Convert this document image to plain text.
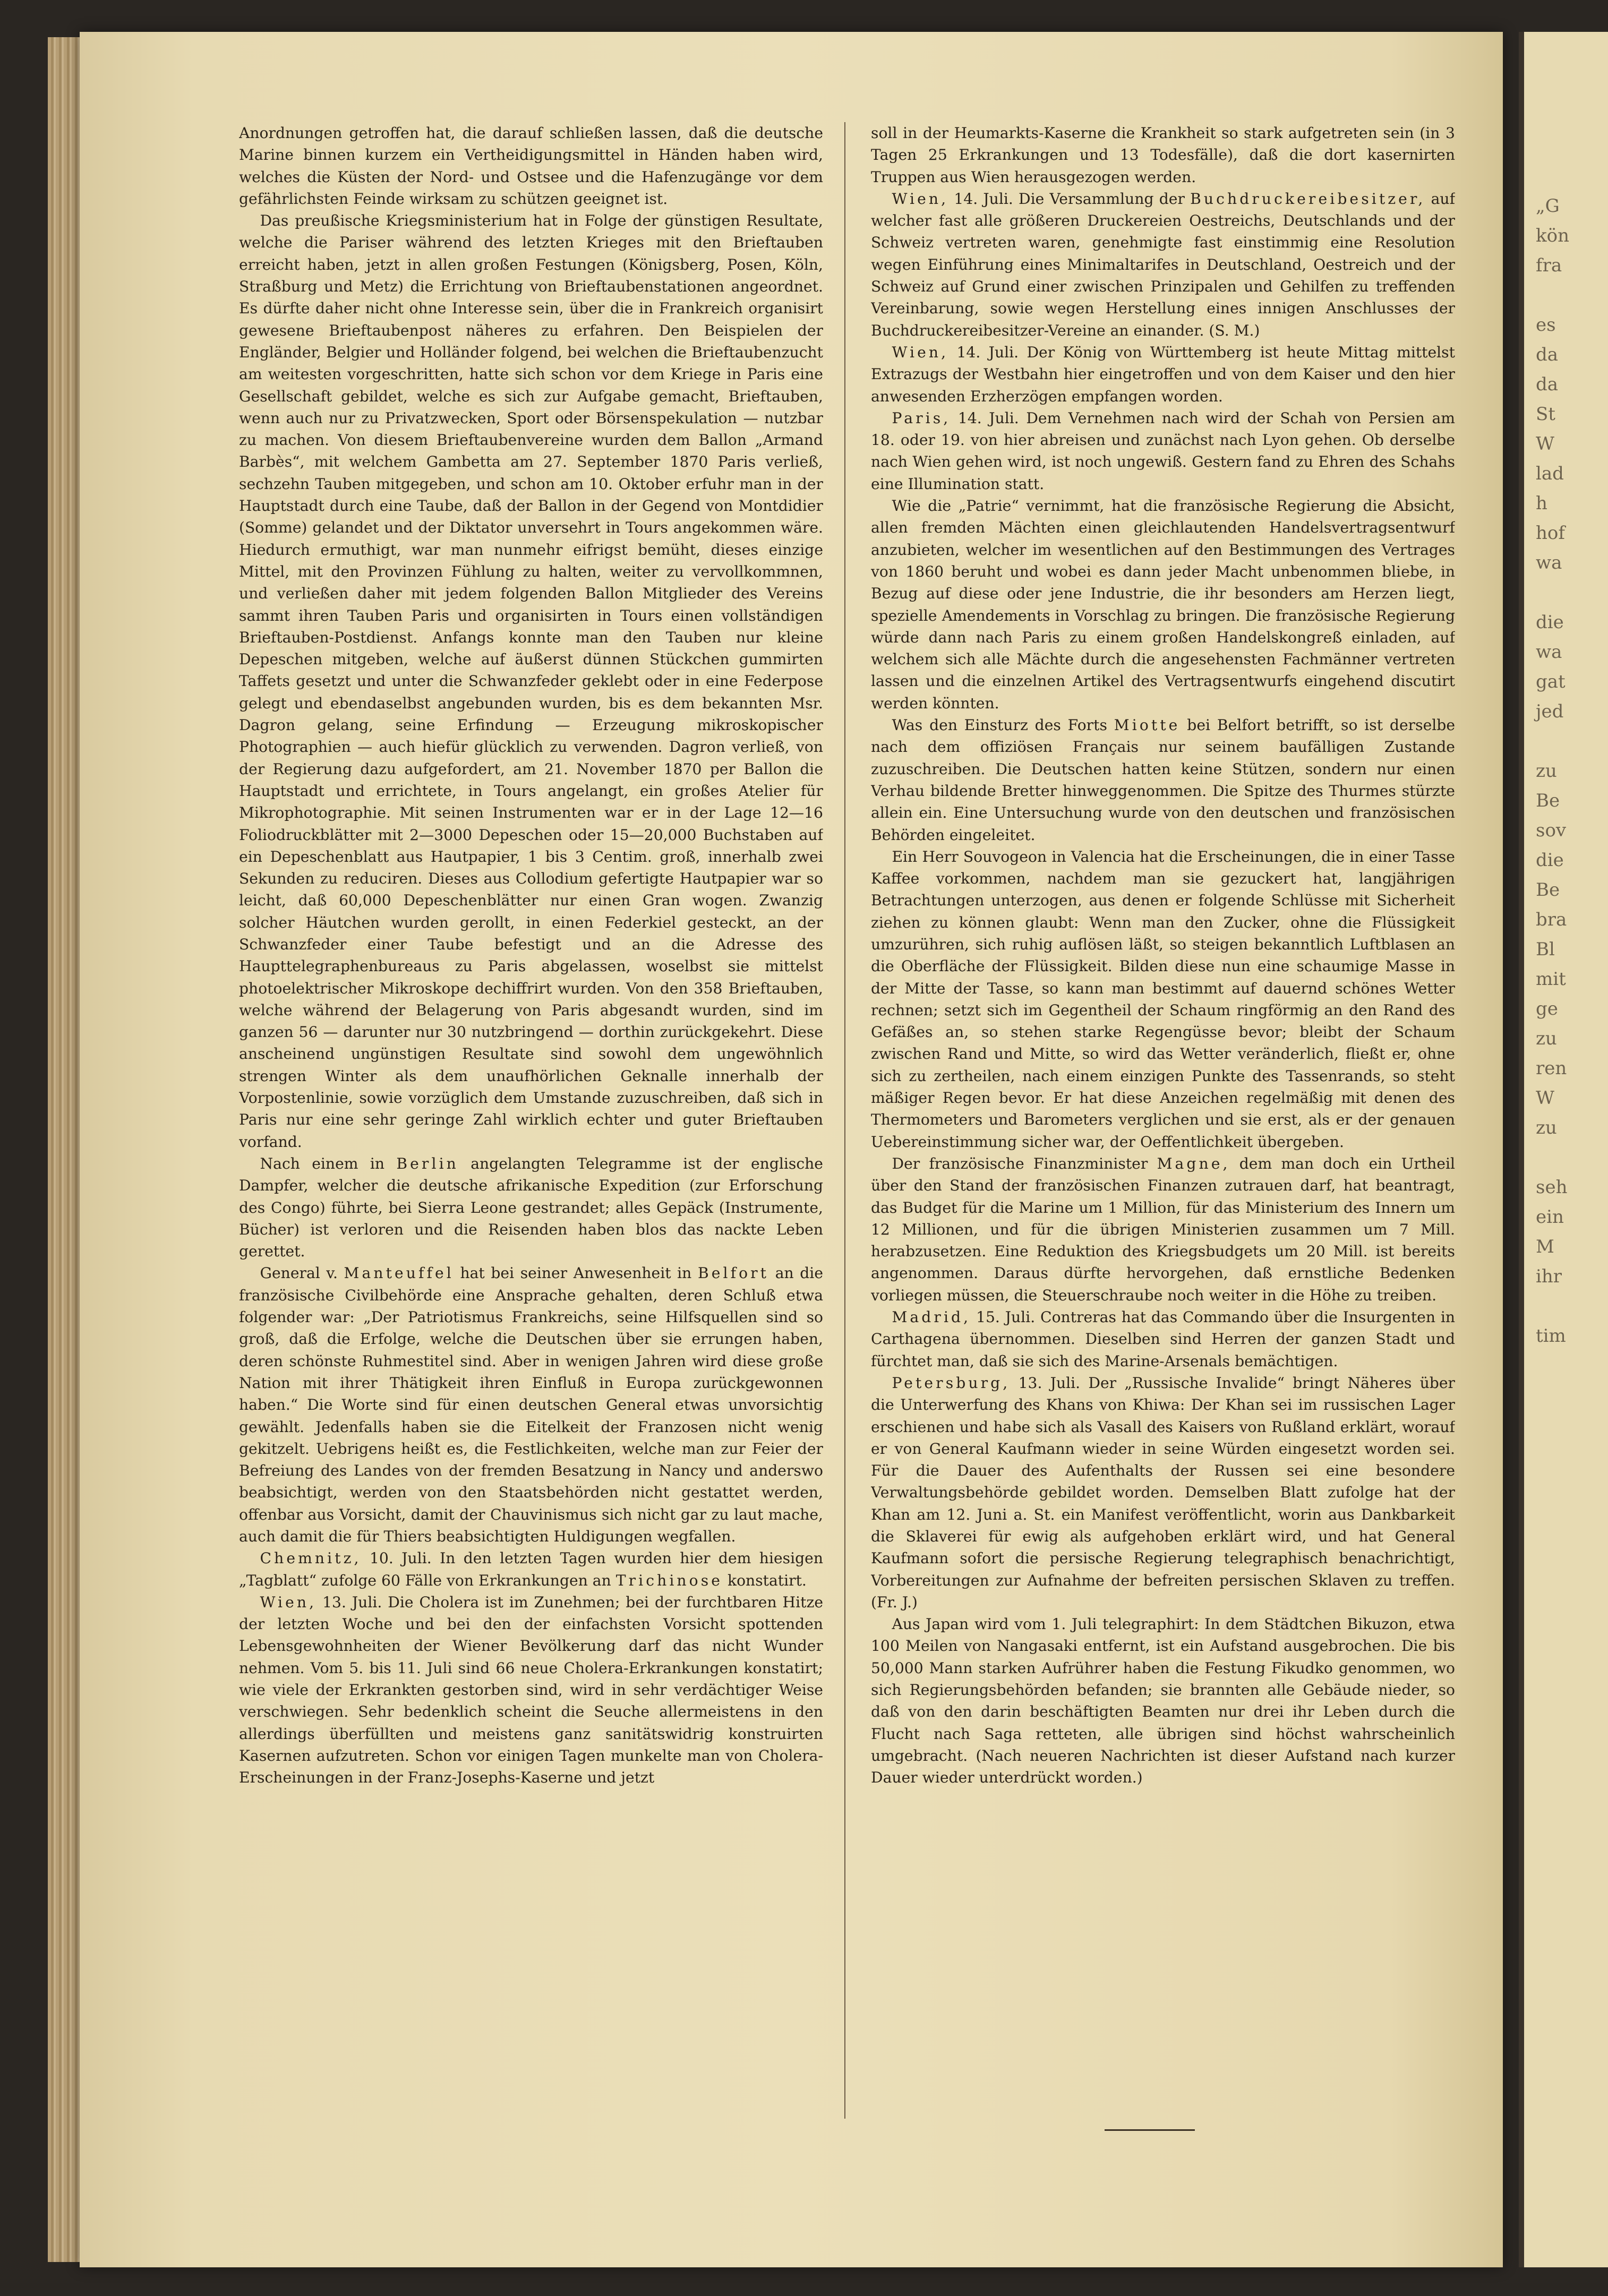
„G
kön
fra

es
da
da
St
W
lad
h
hof
wa

die
wa
gat
jed

zu
Be
sov
die
Be
bra
Bl
mit
ge
zu
ren
W
zu

seh
ein
M
ihr

tim

Anordnungen getroffen hat, die darauf schließen lassen, daß die deutsche Marine binnen kurzem ein Vertheidigungsmittel in Händen haben wird, welches die Küsten der Nord- und Ostsee und die Hafenzugänge vor dem gefährlichsten Feinde wirksam zu schützen geeignet ist.

Das preußische Kriegsministerium hat in Folge der günstigen Resultate, welche die Pariser während des letzten Krieges mit den Brieftauben erreicht haben, jetzt in allen großen Festungen (Königsberg, Posen, Köln, Straßburg und Metz) die Errichtung von Brieftaubenstationen angeordnet. Es dürfte daher nicht ohne Interesse sein, über die in Frankreich organisirt gewesene Brieftaubenpost näheres zu erfahren. Den Beispielen der Engländer, Belgier und Holländer folgend, bei welchen die Brieftaubenzucht am weitesten vorgeschritten, hatte sich schon vor dem Kriege in Paris eine Gesellschaft gebildet, welche es sich zur Aufgabe gemacht, Brieftauben, wenn auch nur zu Privatzwecken, Sport oder Börsenspekulation — nutzbar zu machen. Von diesem Brieftaubenvereine wurden dem Ballon „Armand Barbès“, mit welchem Gambetta am 27. September 1870 Paris verließ, sechzehn Tauben mitgegeben, und schon am 10. Oktober erfuhr man in der Hauptstadt durch eine Taube, daß der Ballon in der Gegend von Montdidier (Somme) gelandet und der Diktator unversehrt in Tours angekommen wäre. Hiedurch ermuthigt, war man nunmehr eifrigst bemüht, dieses einzige Mittel, mit den Provinzen Fühlung zu halten, weiter zu vervollkommnen, und verließen daher mit jedem folgenden Ballon Mitglieder des Vereins sammt ihren Tauben Paris und organisirten in Tours einen vollständigen Brieftauben-Postdienst. Anfangs konnte man den Tauben nur kleine Depeschen mitgeben, welche auf äußerst dünnen Stückchen gummirten Taffets gesetzt und unter die Schwanzfeder geklebt oder in eine Federpose gelegt und ebendaselbst angebunden wurden, bis es dem bekannten Msr. Dagron gelang, seine Erfindung — Erzeugung mikroskopischer Photographien — auch hiefür glücklich zu verwenden. Dagron verließ, von der Regierung dazu aufgefordert, am 21. November 1870 per Ballon die Hauptstadt und errichtete, in Tours angelangt, ein großes Atelier für Mikrophotographie. Mit seinen Instrumenten war er in der Lage 12—16 Foliodruckblätter mit 2—3000 Depeschen oder 15—20,000 Buchstaben auf ein Depeschenblatt aus Hautpapier, 1 bis 3 Centim. groß, innerhalb zwei Sekunden zu reduciren. Dieses aus Collodium gefertigte Hautpapier war so leicht, daß 60,000 Depeschenblätter nur einen Gran wogen. Zwanzig solcher Häutchen wurden gerollt, in einen Federkiel gesteckt, an der Schwanzfeder einer Taube befestigt und an die Adresse des Haupttelegraphenbureaus zu Paris abgelassen, woselbst sie mittelst photoelektrischer Mikroskope dechiffrirt wurden. Von den 358 Brieftauben, welche während der Belagerung von Paris abgesandt wurden, sind im ganzen 56 — darunter nur 30 nutzbringend — dorthin zurückgekehrt. Diese anscheinend ungünstigen Resultate sind sowohl dem ungewöhnlich strengen Winter als dem unaufhörlichen Geknalle innerhalb der Vorpostenlinie, sowie vorzüglich dem Umstande zuzuschreiben, daß sich in Paris nur eine sehr geringe Zahl wirklich echter und guter Brieftauben vorfand.

Nach einem in Berlin angelangten Telegramme ist der englische Dampfer, welcher die deutsche afrikanische Expedition (zur Erforschung des Congo) führte, bei Sierra Leone gestrandet; alles Gepäck (Instrumente, Bücher) ist verloren und die Reisenden haben blos das nackte Leben gerettet.

General v. Manteuffel hat bei seiner Anwesenheit in Belfort an die französische Civilbehörde eine Ansprache gehalten, deren Schluß etwa folgender war: „Der Patriotismus Frankreichs, seine Hilfsquellen sind so groß, daß die Erfolge, welche die Deutschen über sie errungen haben, deren schönste Ruhmestitel sind. Aber in wenigen Jahren wird diese große Nation mit ihrer Thätigkeit ihren Einfluß in Europa zurückgewonnen haben.“ Die Worte sind für einen deutschen General etwas unvorsichtig gewählt. Jedenfalls haben sie die Eitelkeit der Franzosen nicht wenig gekitzelt. Uebrigens heißt es, die Festlichkeiten, welche man zur Feier der Befreiung des Landes von der fremden Besatzung in Nancy und anderswo beabsichtigt, werden von den Staatsbehörden nicht gestattet werden, offenbar aus Vorsicht, damit der Chauvinismus sich nicht gar zu laut mache, auch damit die für Thiers beabsichtigten Huldigungen wegfallen.

Chemnitz, 10. Juli. In den letzten Tagen wurden hier dem hiesigen „Tagblatt“ zufolge 60 Fälle von Erkrankungen an Trichinose konstatirt.

Wien, 13. Juli. Die Cholera ist im Zunehmen; bei der furchtbaren Hitze der letzten Woche und bei den der einfachsten Vorsicht spottenden Lebensgewohnheiten der Wiener Bevölkerung darf das nicht Wunder nehmen. Vom 5. bis 11. Juli sind 66 neue Cholera-Erkrankungen konstatirt; wie viele der Erkrankten gestorben sind, wird in sehr verdächtiger Weise verschwiegen. Sehr bedenklich scheint die Seuche allermeistens in den allerdings überfüllten und meistens ganz sanitätswidrig konstruirten Kasernen aufzutreten. Schon vor einigen Tagen munkelte man von Cholera-Erscheinungen in der Franz-Josephs-Kaserne und jetzt

soll in der Heumarkts-Kaserne die Krankheit so stark aufgetreten sein (in 3 Tagen 25 Erkrankungen und 13 Todesfälle), daß die dort kasernirten Truppen aus Wien herausgezogen werden.

Wien, 14. Juli. Die Versammlung der Buchdruckereibesitzer, auf welcher fast alle größeren Druckereien Oestreichs, Deutschlands und der Schweiz vertreten waren, genehmigte fast einstimmig eine Resolution wegen Einführung eines Minimaltarifes in Deutschland, Oestreich und der Schweiz auf Grund einer zwischen Prinzipalen und Gehilfen zu treffenden Vereinbarung, sowie wegen Herstellung eines innigen Anschlusses der Buchdruckereibesitzer-Vereine an einander. (S. M.)

Wien, 14. Juli. Der König von Württemberg ist heute Mittag mittelst Extrazugs der Westbahn hier eingetroffen und von dem Kaiser und den hier anwesenden Erzherzögen empfangen worden.

Paris, 14. Juli. Dem Vernehmen nach wird der Schah von Persien am 18. oder 19. von hier abreisen und zunächst nach Lyon gehen. Ob derselbe nach Wien gehen wird, ist noch ungewiß. Gestern fand zu Ehren des Schahs eine Illumination statt.

Wie die „Patrie“ vernimmt, hat die französische Regierung die Absicht, allen fremden Mächten einen gleichlautenden Handelsvertragsentwurf anzubieten, welcher im wesentlichen auf den Bestimmungen des Vertrages von 1860 beruht und wobei es dann jeder Macht unbenommen bliebe, in Bezug auf diese oder jene Industrie, die ihr besonders am Herzen liegt, spezielle Amendements in Vorschlag zu bringen. Die französische Regierung würde dann nach Paris zu einem großen Handelskongreß einladen, auf welchem sich alle Mächte durch die angesehensten Fachmänner vertreten lassen und die einzelnen Artikel des Vertragsentwurfs eingehend discutirt werden könnten.

Was den Einsturz des Forts Miotte bei Belfort betrifft, so ist derselbe nach dem offiziösen Français nur seinem baufälligen Zustande zuzuschreiben. Die Deutschen hatten keine Stützen, sondern nur einen Verhau bildende Bretter hinweggenommen. Die Spitze des Thurmes stürzte allein ein. Eine Untersuchung wurde von den deutschen und französischen Behörden eingeleitet.

Ein Herr Souvogeon in Valencia hat die Erscheinungen, die in einer Tasse Kaffee vorkommen, nachdem man sie gezuckert hat, langjährigen Betrachtungen unterzogen, aus denen er folgende Schlüsse mit Sicherheit ziehen zu können glaubt: Wenn man den Zucker, ohne die Flüssigkeit umzurühren, sich ruhig auflösen läßt, so steigen bekanntlich Luftblasen an die Oberfläche der Flüssigkeit. Bilden diese nun eine schaumige Masse in der Mitte der Tasse, so kann man bestimmt auf dauernd schönes Wetter rechnen; setzt sich im Gegentheil der Schaum ringförmig an den Rand des Gefäßes an, so stehen starke Regengüsse bevor; bleibt der Schaum zwischen Rand und Mitte, so wird das Wetter veränderlich, fließt er, ohne sich zu zertheilen, nach einem einzigen Punkte des Tassenrands, so steht mäßiger Regen bevor. Er hat diese Anzeichen regelmäßig mit denen des Thermometers und Barometers verglichen und sie erst, als er der genauen Uebereinstimmung sicher war, der Oeffentlichkeit übergeben.

Der französische Finanzminister Magne, dem man doch ein Urtheil über den Stand der französischen Finanzen zutrauen darf, hat beantragt, das Budget für die Marine um 1 Million, für das Ministerium des Innern um 12 Millionen, und für die übrigen Ministerien zusammen um 7 Mill. herabzusetzen. Eine Reduktion des Kriegsbudgets um 20 Mill. ist bereits angenommen. Daraus dürfte hervorgehen, daß ernstliche Bedenken vorliegen müssen, die Steuerschraube noch weiter in die Höhe zu treiben.

Madrid, 15. Juli. Contreras hat das Commando über die Insurgenten in Carthagena übernommen. Dieselben sind Herren der ganzen Stadt und fürchtet man, daß sie sich des Marine-Arsenals bemächtigen.

Petersburg, 13. Juli. Der „Russische Invalide“ bringt Näheres über die Unterwerfung des Khans von Khiwa: Der Khan sei im russischen Lager erschienen und habe sich als Vasall des Kaisers von Rußland erklärt, worauf er von General Kaufmann wieder in seine Würden eingesetzt worden sei. Für die Dauer des Aufenthalts der Russen sei eine besondere Verwaltungsbehörde gebildet worden. Demselben Blatt zufolge hat der Khan am 12. Juni a. St. ein Manifest veröffentlicht, worin aus Dankbarkeit die Sklaverei für ewig als aufgehoben erklärt wird, und hat General Kaufmann sofort die persische Regierung telegraphisch benachrichtigt, Vorbereitungen zur Aufnahme der befreiten persischen Sklaven zu treffen. (Fr. J.)

Aus Japan wird vom 1. Juli telegraphirt: In dem Städtchen Bikuzon, etwa 100 Meilen von Nangasaki entfernt, ist ein Aufstand ausgebrochen. Die bis 50,000 Mann starken Aufrührer haben die Festung Fikudko genommen, wo sich Regierungsbehörden befanden; sie brannten alle Gebäude nieder, so daß von den darin beschäftigten Beamten nur drei ihr Leben durch die Flucht nach Saga retteten, alle übrigen sind höchst wahrscheinlich umgebracht. (Nach neueren Nachrichten ist dieser Aufstand nach kurzer Dauer wieder unterdrückt worden.)
